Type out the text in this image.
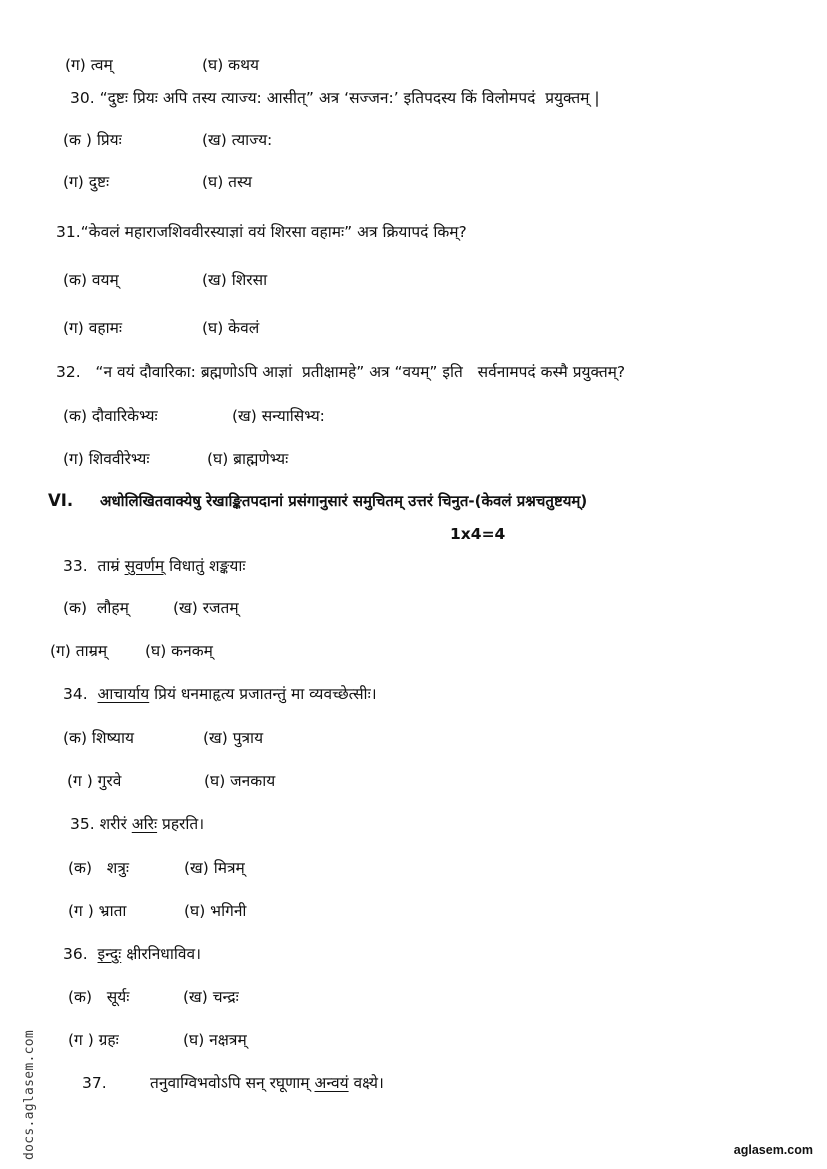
(ग) त्वम्	(घ) कथय
30. “दुष्टः प्रियः अपि तस्य त्याज्य: आसीत्” अत्र ‘सज्जन:’ इतिपदस्य किं विलोमपदं  प्रयुक्तम् |
(क ) प्रियः	(ख) त्याज्य:
(ग) दुष्टः	(घ) तस्य
31.“केवलं महाराजशिववीरस्याज्ञां वयं शिरसा वहामः” अत्र क्रियापदं किम्?
(क) वयम्	(ख) शिरसा
(ग) वहामः	(घ) केवलं
32.   “न वयं दौवारिका: ब्रह्मणोऽपि आज्ञां  प्रतीक्षामहे” अत्र “वयम्” इति   सर्वनामपदं कस्मै प्रयुक्तम्?
(क) दौवारिकेभ्यः	(ख) सन्यासिभ्य:
(ग) शिववीरेभ्यः	(घ) ब्राह्मणेभ्यः
VI. अधोलिखितवाक्येषु रेखाङ्कितपदानां प्रसंगानुसारं समुचितम् उत्तरं चिनुत-(केवलं प्रश्नचतुष्टयम्)
1x4=4
33.  ताम्रं सुवर्णम् विधातुं शङ्कयाः
(क)  लौहम्	(ख) रजतम्
(ग) ताम्रम् (घ) कनकम्
34.  आचार्याय प्रियं धनमाहृत्य प्रजातन्तुं मा व्यवच्छेत्सीः।
(क) शिष्याय	(ख) पुत्राय
(ग ) गुरवे	(घ) जनकाय
35. शरीरं अरिः प्रहरति।
(क)   शत्रुः	(ख) मित्रम्
(ग ) भ्राता	(घ) भगिनी
36.  इन्दुः क्षीरनिधाविव।
(क)   सूर्यः	(ख) चन्द्रः
(ग ) ग्रहः	(घ) नक्षत्रम्
37.	तनुवाग्विभवोऽपि सन् रघूणाम् अन्वयं वक्ष्ये।
docs.aglasem.com	aglasem.com
